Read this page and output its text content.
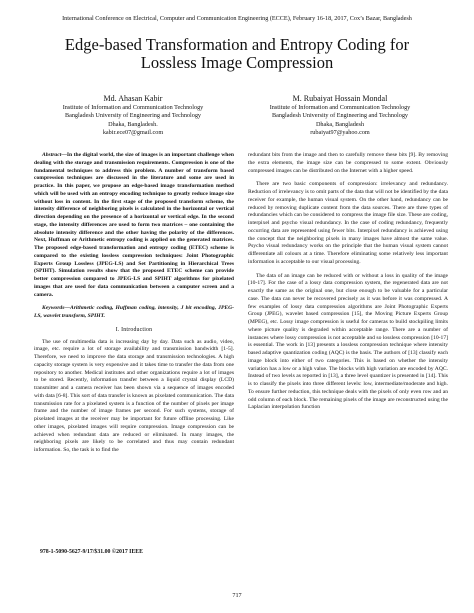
International Conference on Electrical, Computer and Communication Engineering (ECCE), February 16-18, 2017, Cox’s Bazar, Bangladesh
Edge-based Transformation and Entropy Coding for
Lossless Image Compression
Md. Ahasan Kabir
Institute of Information and Communication Technology
Bangladesh University of Engineering and Technology
Dhaka, Bangladesh.
kabir.ece07@gmail.com
M. Rubaiyat Hossain Mondal
Institute of Information and Communication Technology
Bangladesh University of Engineering and Technology
Dhaka, Bangladesh
rubaiyat97@yahoo.com

Abstract—In the digital world, the size of images is an important challenge when dealing with the storage and transmission requirements. Compression is one of the fundamental techniques to address this problem. A number of transform based compression techniques are discussed in the literature and some are used in practice. In this paper, we propose an edge-based image transformation method which will be used with an entropy encoding technique to greatly reduce image size without loss in content. In the first stage of the proposed transform scheme, the intensity difference of neighboring pixels is calculated in the horizontal or vertical direction depending on the presence of a horizontal or vertical edge. In the second stage, the intensity differences are used to form two matrices – one containing the absolute intensity difference and the other having the polarity of the differences. Next, Huffman or Arithmetic entropy coding is applied on the generated matrices. The proposed edge-based transformation and entropy coding (ETEC) scheme is compared to the existing lossless compression techniques: Joint Photographic Experts Group Lossless (JPEG-LS) and Set Partitioning in Hierarchical Trees (SPIHT). Simulation results show that the proposed ETEC scheme can provide better compression compared to JPEG-LS and SPIHT algorithms for pixelated images that are used for data communication between a computer screen and a camera.

Keywords—Arithmetic coding, Huffman coding, intensity, J bit encoding, JPEG-LS, wavelet transform, SPIHT.

I. Introduction

The use of multimedia data is increasing day by day. Data such as audio, video, image, etc. require a lot of storage availability and transmission bandwidth [1-5]. Therefore, we need to improve the data storage and transmission technologies. A high capacity storage system is very expensive and it takes time to transfer the data from one repository to another. Medical institutes and other organizations require a lot of images to be stored. Recently, information transfer between a liquid crystal display (LCD) transmitter and a camera receiver has been shown via a sequence of images encoded with data [6-8]. This sort of data transfer is known as pixelated communication. The data transmission rate for a pixelated system is a function of the number of pixels per image frame and the number of image frames per second. For such systems, storage of pixelated images at the receiver may be important for future offline processing. Like other images, pixelated images will require compression. Image compression can be achieved when redundant data are reduced or eliminated. In many images, the neighboring pixels are likely to be correlated and thus may contain redundant information. So, the task is to find the

redundant bits from the image and then to carefully remove these bits [9]. By removing the extra elements, the image size can be compressed to some extent. Obviously compressed images can be distributed on the Internet with a higher speed.

There are two basic components of compression: irrelevancy and redundancy. Reduction of irrelevancy is to omit parts of the data that will not be identified by the data receiver for example, the human visual system. On the other hand, redundancy can be reduced by removing duplicate content from the data sources. There are three types of redundancies which can be considered to compress the image file size. These are coding, interpixel and psycho visual redundancy. In the case of coding redundancy, frequently occurring data are represented using fewer bits. Interpixel redundancy is achieved using the concept that the neighboring pixels in many images have almost the same value. Psycho visual redundancy works on the principle that the human visual system cannot differentiate all colours at a time. Therefore eliminating some relatively less important information is acceptable to our visual processing.

The data of an image can be reduced with or without a loss in quality of the image [10-17]. For the case of a lossy data compression system, the regenerated data are not exactly the same as the original one, but close enough to be valuable for a particular case. The data can never be recovered precisely as it was before it was compressed. A few examples of lossy data compression algorithms are Joint Photographic Experts Group (JPEG), wavelet based compression [15], the Moving Picture Experts Group (MPEG), etc. Lossy image compression is useful for cameras to build stockpiling limits where picture quality is degraded within acceptable range. There are a number of instances where lossy compression is not acceptable and so lossless compression [10-17] is essential. The work in [13] presents a lossless compression technique where intensity based adaptive quantization coding (AQC) is the basis. The authors of [13] classify each image block into either of two categories. This is based on whether the intensity variation has a low or a high value. The blocks with high variation are encoded by AQC. Instead of two levels as reported in [13], a three level quantizer is presented in [14]. This is to classify the pixels into three different levels: low, intermediate/moderate and high. To ensure further reduction, this technique deals with the pixels of only even row and an odd column of each block. The remaining pixels of the image are reconstructed using the Laplacian interpolation function

978-1-5090-5627-9/17/$31.00 ©2017 IEEE
717
